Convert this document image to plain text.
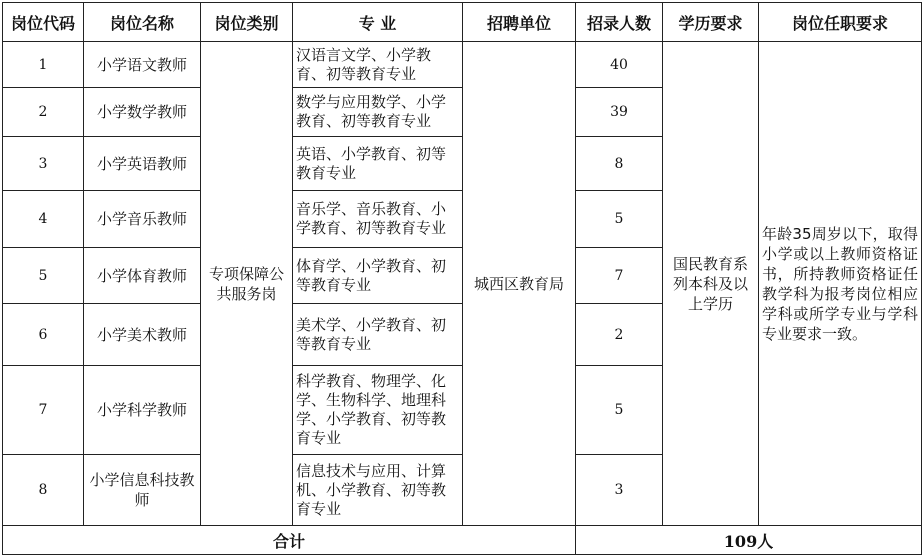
岗位代码	岗位名称	岗位类别	专 业	招聘单位	招录人数	学历要求	岗位任职要求
1	小学语文教师	专项保障公共服务岗	汉语言文学、小学教育、初等教育专业	城西区教育局	40	国民教育系列本科及以上学历	年龄35周岁以下，取得小学或以上教师资格证书，所持教师资格证任教学科为报考岗位相应学科或所学专业与学科专业要求一致。
2	小学数学教师		数学与应用数学、小学教育、初等教育专业		39		
3	小学英语教师		英语、小学教育、初等教育专业		8		
4	小学音乐教师		音乐学、音乐教育、小学教育、初等教育专业		5		
5	小学体育教师		体育学、小学教育、初等教育专业		7		
6	小学美术教师		美术学、小学教育、初等教育专业		2		
7	小学科学教师		科学教育、物理学、化学、生物科学、地理科学、小学教育、初等教育专业		5		
8	小学信息科技教师		信息技术与应用、计算机、小学教育、初等教育专业		3		
合计					109人		
